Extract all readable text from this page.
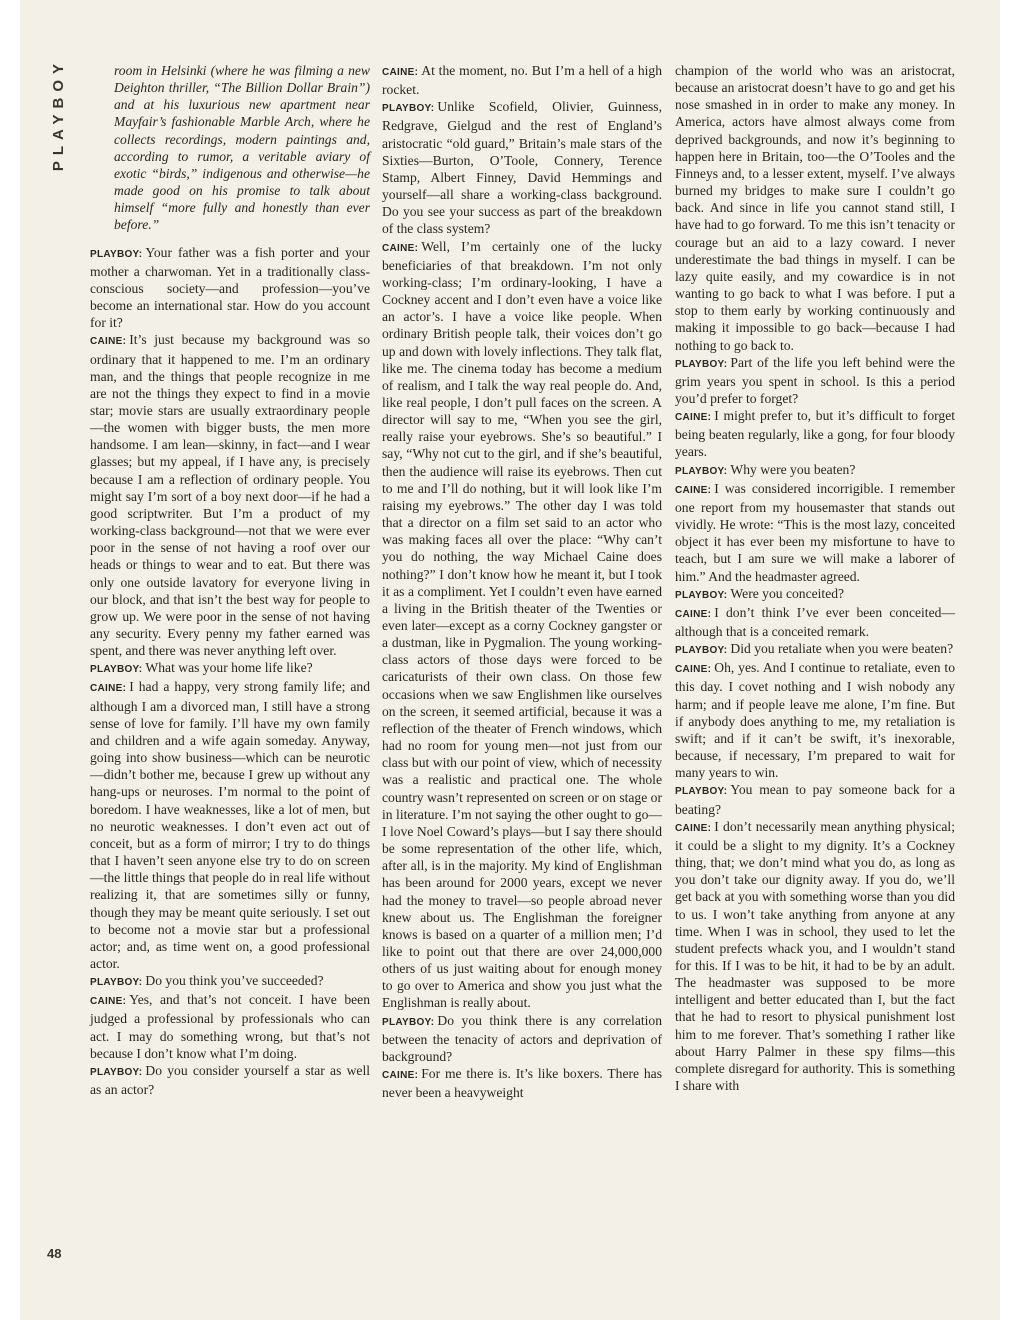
PLAYBOY	room in Helsinki (where he was filming a new Deighton thriller, “The Billion Dollar Brain”) and at his luxurious new apartment near Mayfair’s fashionable Marble Arch, where he collects recordings, modern paintings and, according to rumor, a veritable aviary of exotic “birds,” indigenous and otherwise—he made good on his promise to talk about himself “more fully and honestly than ever before.”

PLAYBOY: Your father was a fish porter and your mother a charwoman. Yet in a traditionally class-conscious society—and profession—you’ve become an international star. How do you account for it?

CAINE: It’s just because my background was so ordinary that it happened to me. I’m an ordinary man, and the things that people recognize in me are not the things they expect to find in a movie star; movie stars are usually extraordinary people—the women with bigger busts, the men more handsome. I am lean—skinny, in fact—and I wear glasses; but my appeal, if I have any, is precisely because I am a reflection of ordinary people. You might say I’m sort of a boy next door—if he had a good scriptwriter. But I’m a product of my working-class background—not that we were ever poor in the sense of not having a roof over our heads or things to wear and to eat. But there was only one outside lavatory for everyone living in our block, and that isn’t the best way for people to grow up. We were poor in the sense of not having any security. Every penny my father earned was spent, and there was never anything left over.

PLAYBOY: What was your home life like?

CAINE: I had a happy, very strong family life; and although I am a divorced man, I still have a strong sense of love for family. I’ll have my own family and children and a wife again someday. Anyway, going into show business—which can be neurotic—didn’t bother me, because I grew up without any hang-ups or neuroses. I’m normal to the point of boredom. I have weaknesses, like a lot of men, but no neurotic weaknesses. I don’t even act out of conceit, but as a form of mirror; I try to do things that I haven’t seen anyone else try to do on screen—the little things that people do in real life without realizing it, that are sometimes silly or funny, though they may be meant quite seriously. I set out to become not a movie star but a professional actor; and, as time went on, a good professional actor.

PLAYBOY: Do you think you’ve succeeded?

CAINE: Yes, and that’s not conceit. I have been judged a professional by professionals who can act. I may do something wrong, but that’s not because I don’t know what I’m doing.

PLAYBOY: Do you consider yourself a star as well as an actor?

CAINE: At the moment, no. But I’m a hell of a high rocket.

PLAYBOY: Unlike Scofield, Olivier, Guinness, Redgrave, Gielgud and the rest of England’s aristocratic “old guard,” Britain’s male stars of the Sixties—Burton, O’Toole, Connery, Terence Stamp, Albert Finney, David Hemmings and yourself—all share a working-class background. Do you see your success as part of the breakdown of the class system?

CAINE: Well, I’m certainly one of the lucky beneficiaries of that breakdown. I’m not only working-class; I’m ordinary-looking, I have a Cockney accent and I don’t even have a voice like an actor’s. I have a voice like people. When ordinary British people talk, their voices don’t go up and down with lovely inflections. They talk flat, like me. The cinema today has become a medium of realism, and I talk the way real people do. And, like real people, I don’t pull faces on the screen. A director will say to me, “When you see the girl, really raise your eyebrows. She’s so beautiful.” I say, “Why not cut to the girl, and if she’s beautiful, then the audience will raise its eyebrows. Then cut to me and I’ll do nothing, but it will look like I’m raising my eyebrows.” The other day I was told that a director on a film set said to an actor who was making faces all over the place: “Why can’t you do nothing, the way Michael Caine does nothing?” I don’t know how he meant it, but I took it as a compliment. Yet I couldn’t even have earned a living in the British theater of the Twenties or even later—except as a corny Cockney gangster or a dustman, like in Pygmalion. The young working-class actors of those days were forced to be caricaturists of their own class. On those few occasions when we saw Englishmen like ourselves on the screen, it seemed artificial, because it was a reflection of the theater of French windows, which had no room for young men—not just from our class but with our point of view, which of necessity was a realistic and practical one. The whole country wasn’t represented on screen or on stage or in literature. I’m not saying the other ought to go—I love Noel Coward’s plays—but I say there should be some representation of the other life, which, after all, is in the majority. My kind of Englishman has been around for 2000 years, except we never had the money to travel—so people abroad never knew about us. The Englishman the foreigner knows is based on a quarter of a million men; I’d like to point out that there are over 24,000,000 others of us just waiting about for enough money to go over to America and show you just what the Englishman is really about.

PLAYBOY: Do you think there is any correlation between the tenacity of actors and deprivation of background?

CAINE: For me there is. It’s like boxers. There has never been a heavyweight

champion of the world who was an aristocrat, because an aristocrat doesn’t have to go and get his nose smashed in in order to make any money. In America, actors have almost always come from deprived backgrounds, and now it’s beginning to happen here in Britain, too—the O’Tooles and the Finneys and, to a lesser extent, myself. I’ve always burned my bridges to make sure I couldn’t go back. And since in life you cannot stand still, I have had to go forward. To me this isn’t tenacity or courage but an aid to a lazy coward. I never underestimate the bad things in myself. I can be lazy quite easily, and my cowardice is in not wanting to go back to what I was before. I put a stop to them early by working continuously and making it impossible to go back—because I had nothing to go back to.

PLAYBOY: Part of the life you left behind were the grim years you spent in school. Is this a period you’d prefer to forget?

CAINE: I might prefer to, but it’s difficult to forget being beaten regularly, like a gong, for four bloody years.

PLAYBOY: Why were you beaten?

CAINE: I was considered incorrigible. I remember one report from my housemaster that stands out vividly. He wrote: “This is the most lazy, conceited object it has ever been my misfortune to have to teach, but I am sure we will make a laborer of him.” And the headmaster agreed.

PLAYBOY: Were you conceited?

CAINE: I don’t think I’ve ever been conceited—although that is a conceited remark.

PLAYBOY: Did you retaliate when you were beaten?

CAINE: Oh, yes. And I continue to retaliate, even to this day. I covet nothing and I wish nobody any harm; and if people leave me alone, I’m fine. But if anybody does anything to me, my retaliation is swift; and if it can’t be swift, it’s inexorable, because, if necessary, I’m prepared to wait for many years to win.

PLAYBOY: You mean to pay someone back for a beating?

CAINE: I don’t necessarily mean anything physical; it could be a slight to my dignity. It’s a Cockney thing, that; we don’t mind what you do, as long as you don’t take our dignity away. If you do, we’ll get back at you with something worse than you did to us. I won’t take anything from anyone at any time. When I was in school, they used to let the student prefects whack you, and I wouldn’t stand for this. If I was to be hit, it had to be by an adult. The headmaster was supposed to be more intelligent and better educated than I, but the fact that he had to resort to physical punishment lost him to me forever. That’s something I rather like about Harry Palmer in these spy films—this complete disregard for authority. This is something I share with

48
